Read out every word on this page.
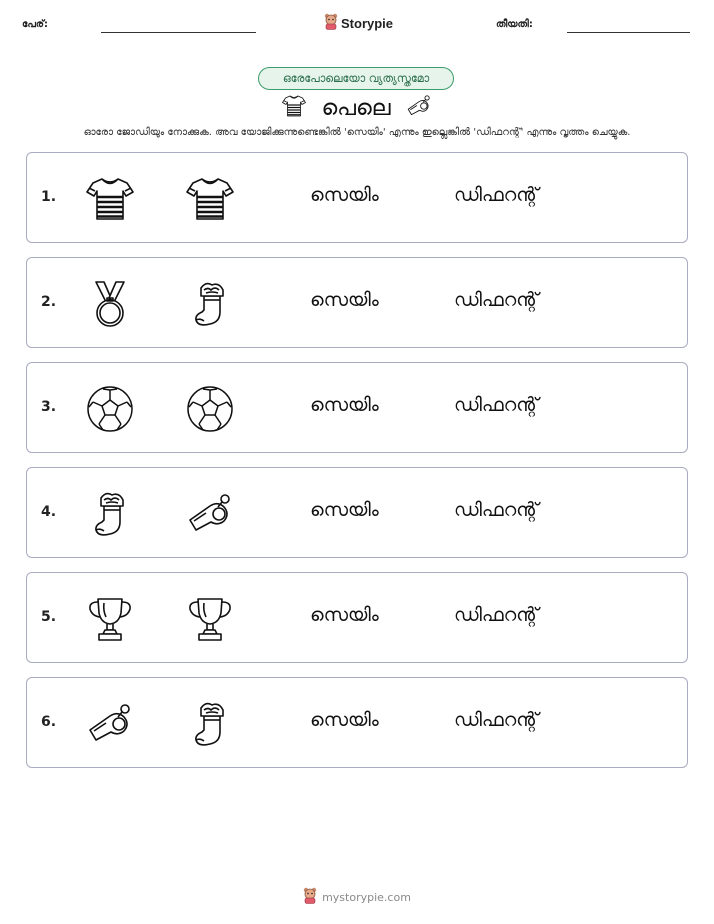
പേര്:	Storypie	തീയതി:
ഒരേപോലെയോ വ്യത്യസ്തമോ
പെലെ
ഓരോ ജോഡിയും നോക്കുക. അവ യോജിക്കുന്നുണ്ടെങ്കിൽ 'സെയിം' എന്നും ഇല്ലെങ്കിൽ 'ഡിഫറന്റ്' എന്നും വൃത്തം ചെയ്യുക.
1.	സെയിം	ഡിഫറന്റ്
2.	സെയിം	ഡിഫറന്റ്
3.	സെയിം	ഡിഫറന്റ്
4.	സെയിം	ഡിഫറന്റ്
5.	സെയിം	ഡിഫറന്റ്
6.	സെയിം	ഡിഫറന്റ്
mystorypie.com
